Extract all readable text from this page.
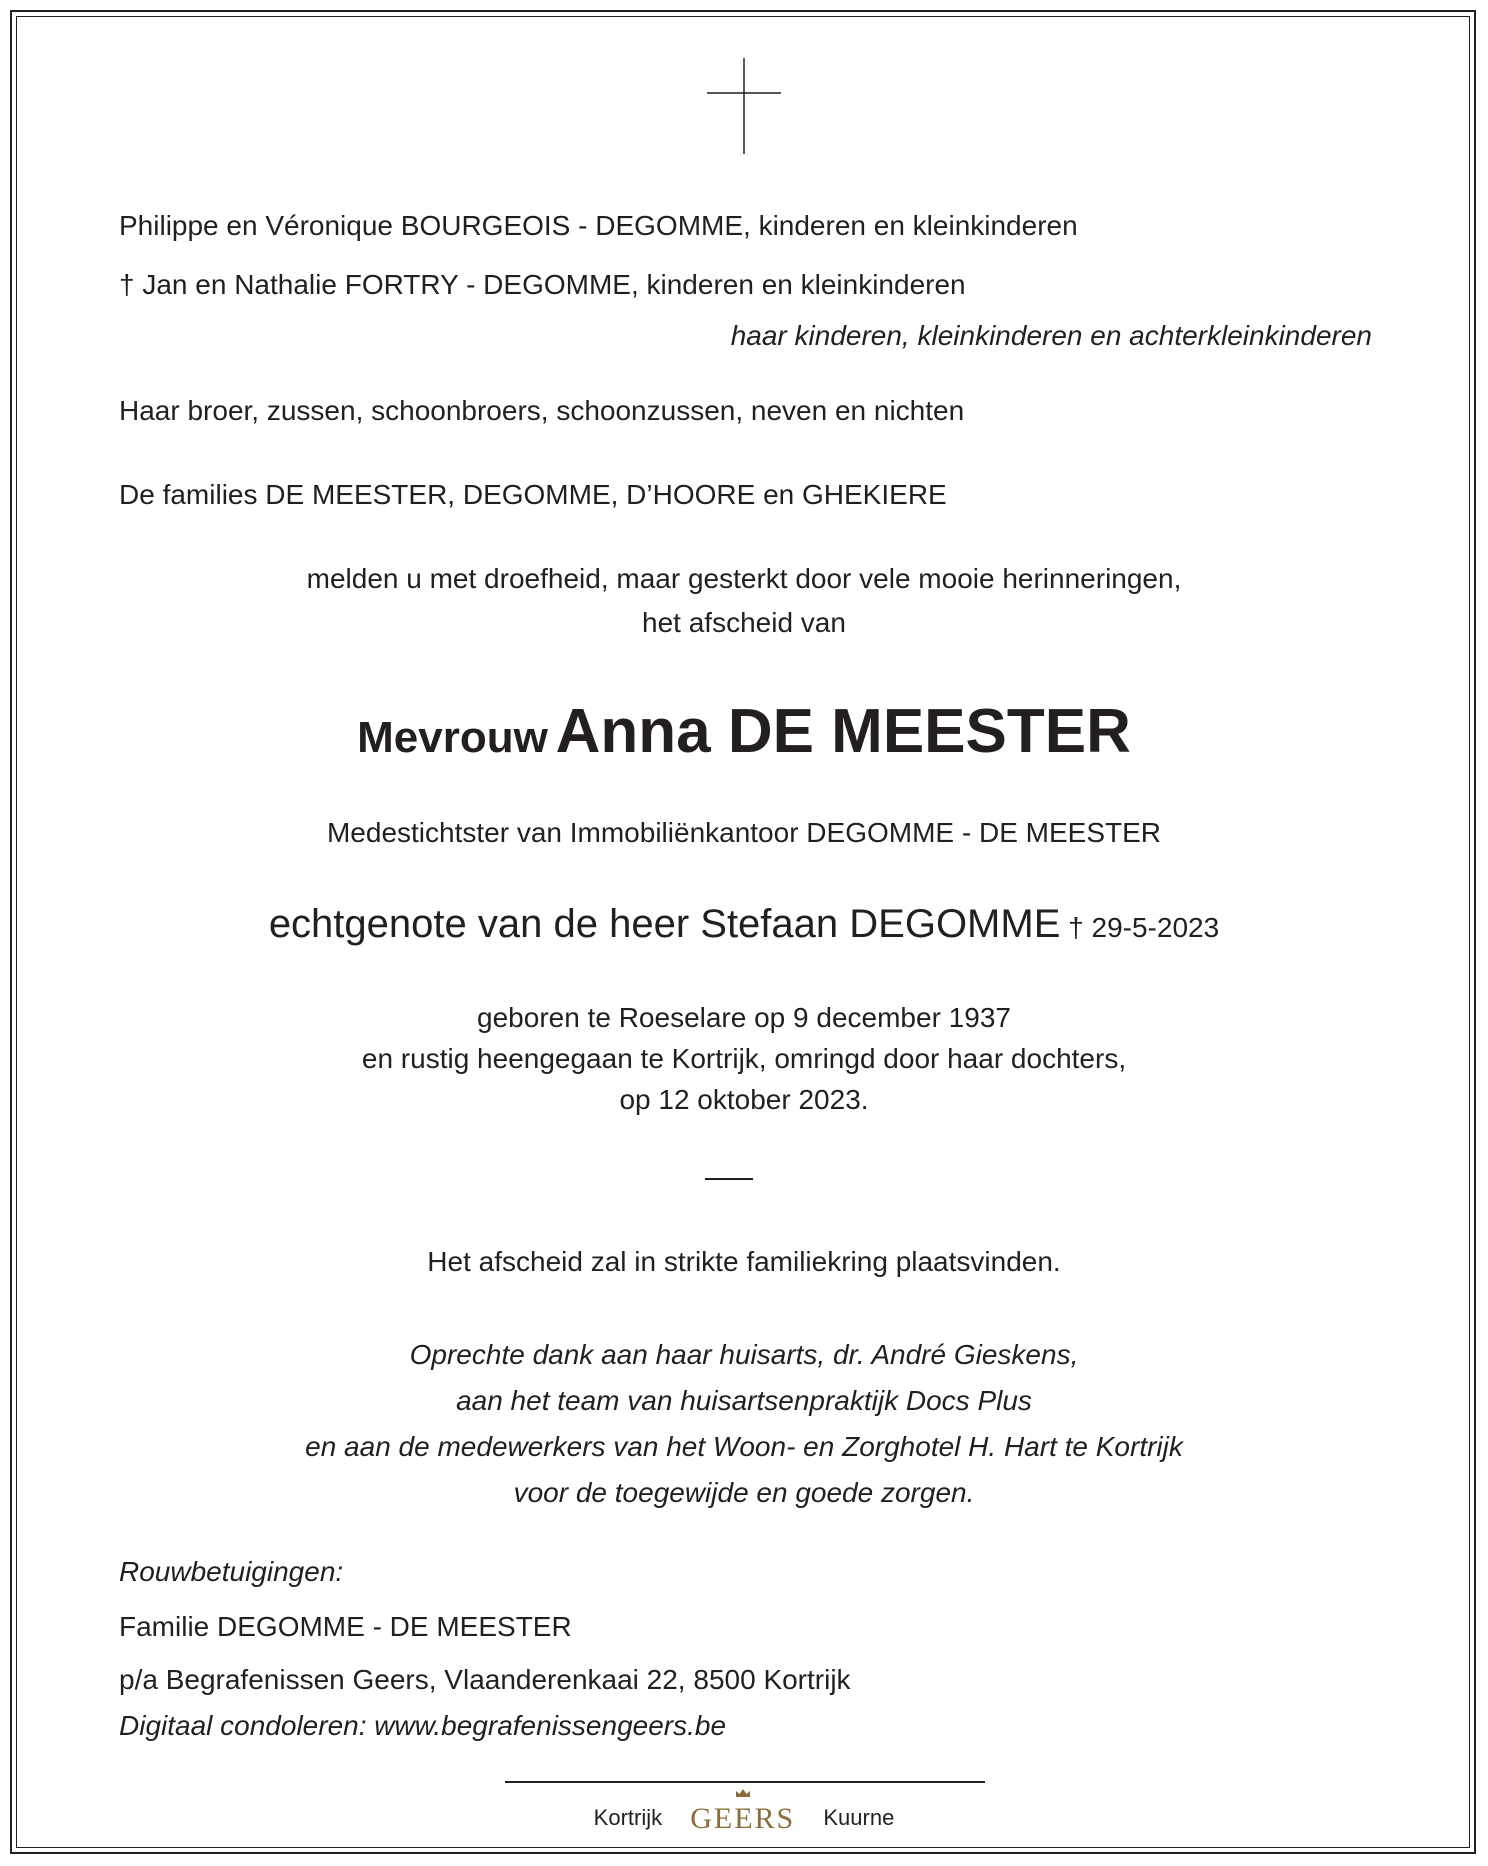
Philippe en Véronique BOURGEOIS - DEGOMME, kinderen en kleinkinderen
† Jan en Nathalie FORTRY - DEGOMME, kinderen en kleinkinderen
haar kinderen, kleinkinderen en achterkleinkinderen
Haar broer, zussen, schoonbroers, schoonzussen, neven en nichten
De families DE MEESTER, DEGOMME, D’HOORE en GHEKIERE
melden u met droefheid, maar gesterkt door vele mooie herinneringen,
het afscheid van
Mevrouw Anna DE MEESTER
Medestichtster van Immobiliënkantoor DEGOMME - DE MEESTER
echtgenote van de heer Stefaan DEGOMME † 29-5-2023
geboren te Roeselare op 9 december 1937
en rustig heengegaan te Kortrijk, omringd door haar dochters,
op 12 oktober 2023.
Het afscheid zal in strikte familiekring plaatsvinden.
Oprechte dank aan haar huisarts, dr. André Gieskens,
aan het team van huisartsenpraktijk Docs Plus
en aan de medewerkers van het Woon- en Zorghotel H. Hart te Kortrijk
voor de toegewijde en goede zorgen.
Rouwbetuigingen:
Familie DEGOMME - DE MEESTER
p/a Begrafenissen Geers, Vlaanderenkaai 22, 8500 Kortrijk
Digitaal condoleren: www.begrafenissengeers.be
Kortrijk GEERS Kuurne
